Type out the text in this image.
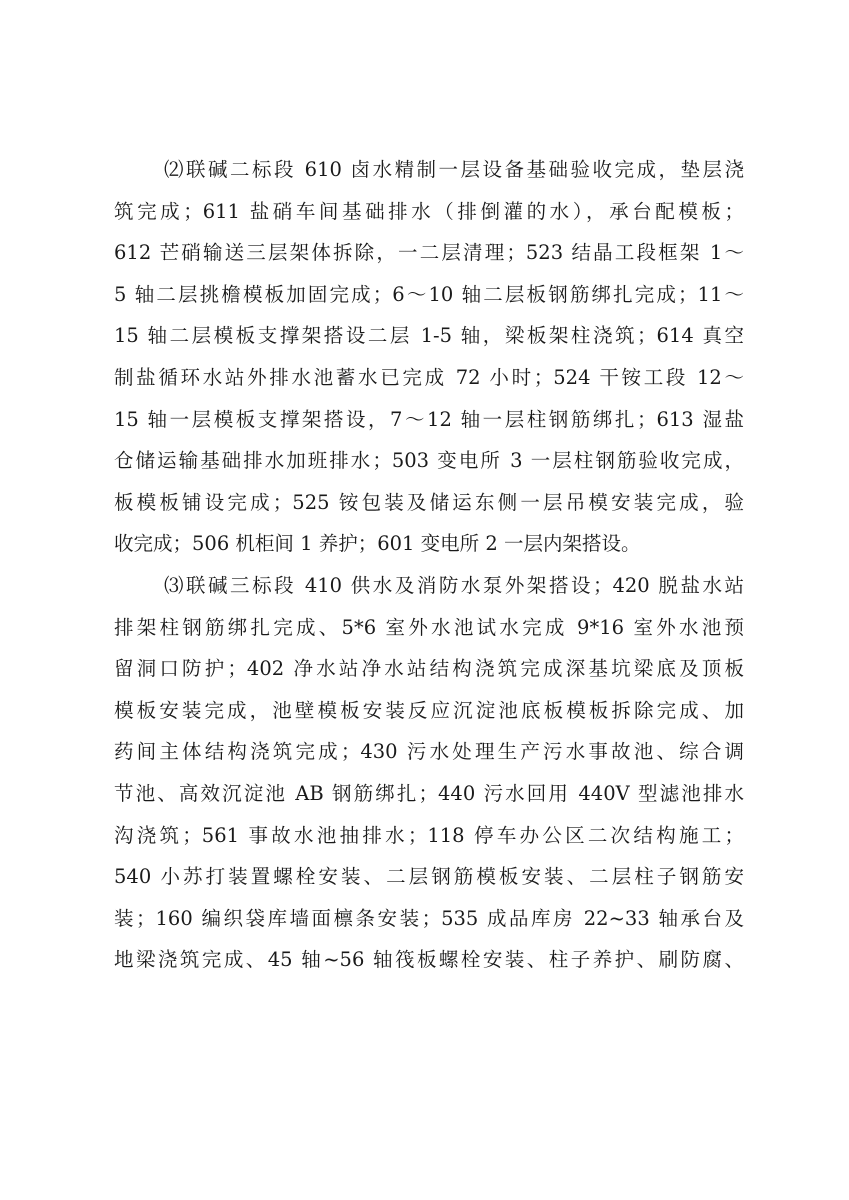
⑵联碱二标段 610 卤水精制一层设备基础验收完成，垫层浇
筑完成；611 盐硝车间基础排水（排倒灌的水），承台配模板；
612 芒硝输送三层架体拆除，一二层清理；523 结晶工段框架 1～
5 轴二层挑檐模板加固完成；6～10 轴二层板钢筋绑扎完成；11～
15 轴二层模板支撑架搭设二层 1-5 轴，梁板架柱浇筑；614 真空
制盐循环水站外排水池蓄水已完成 72 小时；524 干铵工段 12～
15 轴一层模板支撑架搭设，7～12 轴一层柱钢筋绑扎；613 湿盐
仓储运输基础排水加班排水；503 变电所 3 一层柱钢筋验收完成，
板模板铺设完成；525 铵包装及储运东侧一层吊模安装完成，验
收完成；506 机柜间 1 养护；601 变电所 2 一层内架搭设。

⑶联碱三标段 410 供水及消防水泵外架搭设；420 脱盐水站
排架柱钢筋绑扎完成、5*6 室外水池试水完成 9*16 室外水池预
留洞口防护；402 净水站净水站结构浇筑完成深基坑梁底及顶板
模板安装完成，池壁模板安装反应沉淀池底板模板拆除完成、加
药间主体结构浇筑完成；430 污水处理生产污水事故池、综合调
节池、高效沉淀池 AB 钢筋绑扎；440 污水回用 440V 型滤池排水
沟浇筑；561 事故水池抽排水；118 停车办公区二次结构施工；
540 小苏打装置螺栓安装、二层钢筋模板安装、二层柱子钢筋安
装；160 编织袋库墙面檩条安装；535 成品库房 22~33 轴承台及
地梁浇筑完成、45 轴~56 轴筏板螺栓安装、柱子养护、刷防腐、
